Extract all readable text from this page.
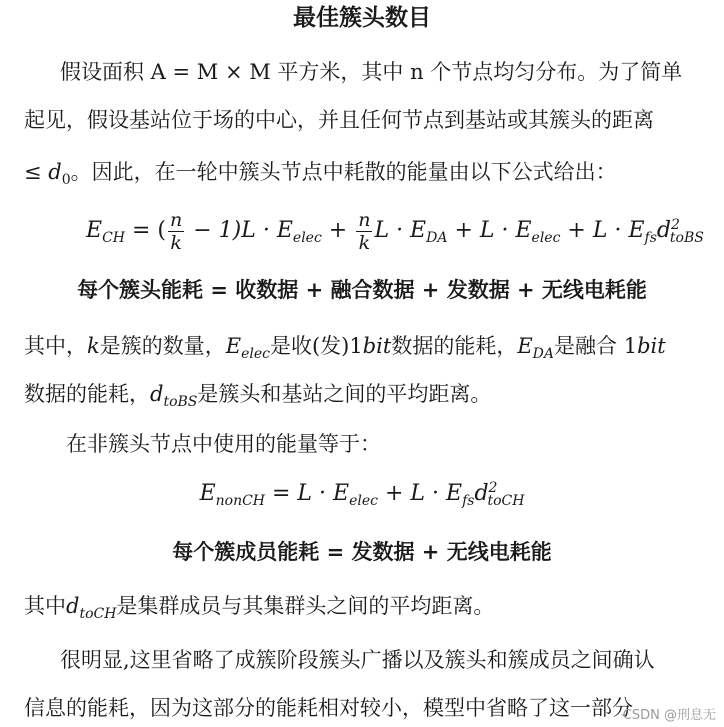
最佳簇头数目
假设面积 A = M × M 平方米，其中 n 个节点均匀分布。为了简单
起见，假设基站位于场的中心，并且任何节点到基站或其簇头的距离
≤ $d_0$。因此，在一轮中簇头节点中耗散的能量由以下公式给出：
$E_{CH}$ = ( $\frac{n}{k} - 1)L \cdot E_{elec} + \frac{n}{k}$ $L \cdot E_{DA} + L \cdot E_{elec} + L \cdot E_{fs}d^2_{toBS}$
每个簇头能耗 = 收数据 + 融合数据 + 发数据 + 无线电耗能
其中，k是簇的数量，$E_{elec}$是收(发)1bit数据的能耗，$E_{DA}$是融合 1bit
数据的能耗，$d_{toBS}$是簇头和基站之间的平均距离。
在非簇头节点中使用的能量等于：
$E_{nonCH} = L \cdot E_{elec} + L \cdot E_{fs}d^2_{toCH}$
每个簇成员能耗 = 发数据 + 无线电耗能
其中$d_{toCH}$是集群成员与其集群头之间的平均距离。
很明显,这里省略了成簇阶段簇头广播以及簇头和簇成员之间确认
信息的能耗，因为这部分的能耗相对较小，模型中省略了这一部分
CSDN @刑息无
